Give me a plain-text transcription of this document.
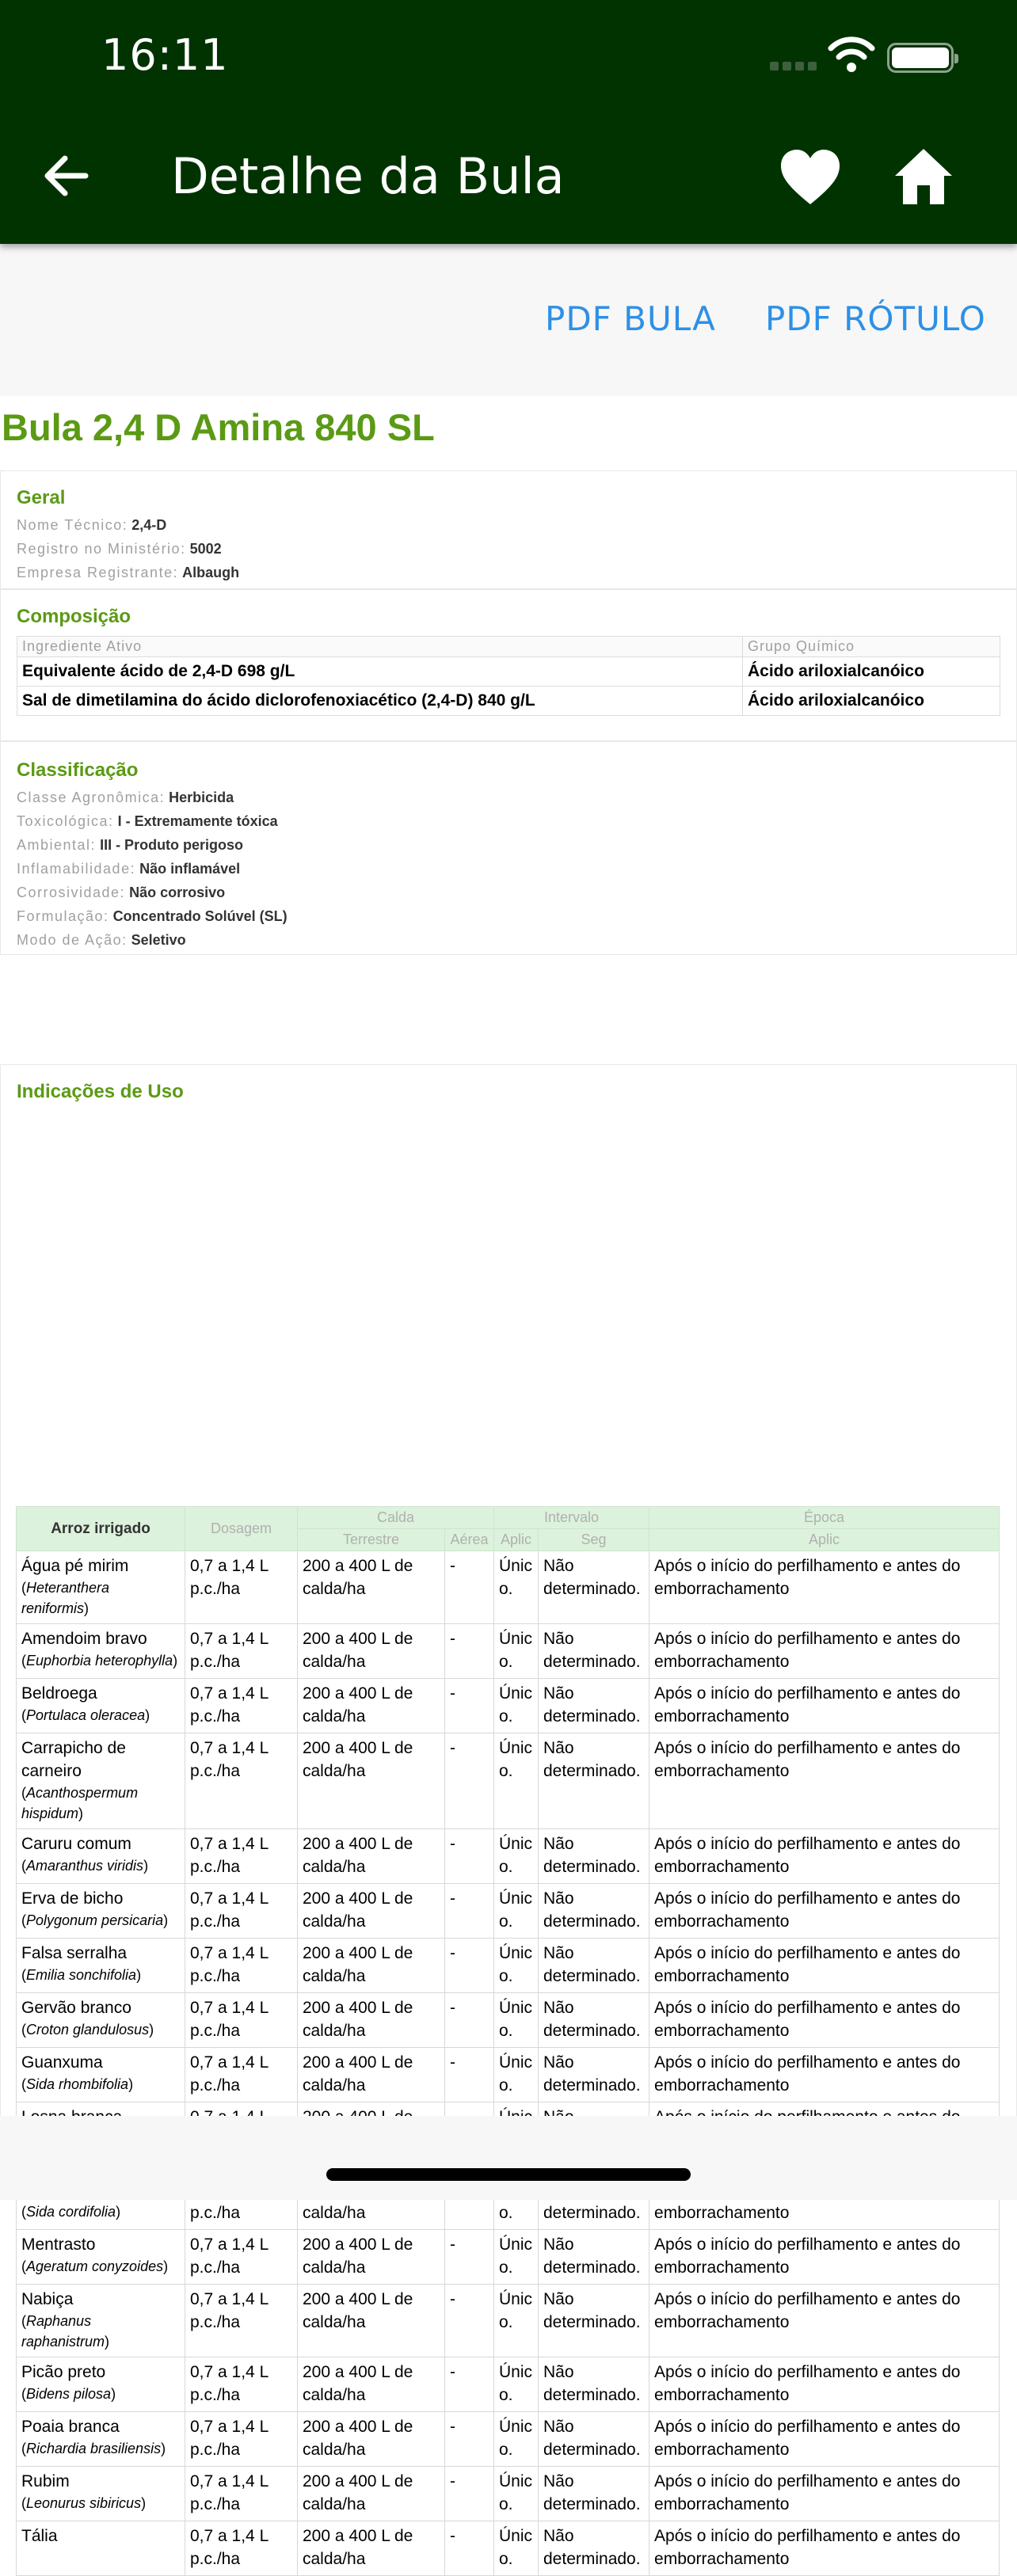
16:11
Detalhe da Bula
PDF BULA PDF RÓTULO
Bula 2,4 D Amina 840 SL
Geral
Nome Técnico: 2,4-D
Registro no Ministério: 5002
Empresa Registrante: Albaugh
Composição
Ingrediente Ativo	Grupo Químico
Equivalente ácido de 2,4-D 698 g/L	Ácido ariloxialcanóico
Sal de dimetilamina do ácido diclorofenoxiacético (2,4-D) 840 g/L	Ácido ariloxialcanóico
Classificação
Classe Agronômica: Herbicida
Toxicológica: I - Extremamente tóxica
Ambiental: III - Produto perigoso
Inflamabilidade: Não inflamável
Corrosividade: Não corrosivo
Formulação: Concentrado Solúvel (SL)
Modo de Ação: Seletivo
Indicações de Uso
Arroz irrigado	Dosagem	Calda		Intervalo		Época
		Terrestre	Aérea	Aplic	Seg	Aplic

Água pé mirim
(Heteranthera reniformis)	0,7 a 1,4 L p.c./ha	200 a 400 L de calda/ha	-	Único.	Não determinado.	Após o início do perfilhamento e antes do emborrachamento

Amendoim bravo
(Euphorbia heterophylla)	0,7 a 1,4 L p.c./ha	200 a 400 L de calda/ha	-	Único.	Não determinado.	Após o início do perfilhamento e antes do emborrachamento

Beldroega
(Portulaca oleracea)	0,7 a 1,4 L p.c./ha	200 a 400 L de calda/ha	-	Único.	Não determinado.	Após o início do perfilhamento e antes do emborrachamento

Carrapicho de carneiro
(Acanthospermum hispidum)	0,7 a 1,4 L p.c./ha	200 a 400 L de calda/ha	-	Único.	Não determinado.	Após o início do perfilhamento e antes do emborrachamento

Caruru comum
(Amaranthus viridis)	0,7 a 1,4 L p.c./ha	200 a 400 L de calda/ha	-	Único.	Não determinado.	Após o início do perfilhamento e antes do emborrachamento

Erva de bicho
(Polygonum persicaria)	0,7 a 1,4 L p.c./ha	200 a 400 L de calda/ha	-	Único.	Não determinado.	Após o início do perfilhamento e antes do emborrachamento

Falsa serralha
(Emilia sonchifolia)	0,7 a 1,4 L p.c./ha	200 a 400 L de calda/ha	-	Único.	Não determinado.	Após o início do perfilhamento e antes do emborrachamento

Gervão branco
(Croton glandulosus)	0,7 a 1,4 L p.c./ha	200 a 400 L de calda/ha	-	Único.	Não determinado.	Após o início do perfilhamento e antes do emborrachamento

Guanxuma
(Sida rhombifolia)	0,7 a 1,4 L p.c./ha	200 a 400 L de calda/ha	-	Único.	Não determinado.	Após o início do perfilhamento e antes do emborrachamento

(Sida cordifolia)	p.c./ha	calda/ha		o.	determinado.	emborrachamento

Mentrasto
(Ageratum conyzoides)	0,7 a 1,4 L p.c./ha	200 a 400 L de calda/ha	-	Único.	Não determinado.	Após o início do perfilhamento e antes do emborrachamento

Nabiça
(Raphanus raphanistrum)	0,7 a 1,4 L p.c./ha	200 a 400 L de calda/ha	-	Único.	Não determinado.	Após o início do perfilhamento e antes do emborrachamento

Picão preto
(Bidens pilosa)	0,7 a 1,4 L p.c./ha	200 a 400 L de calda/ha	-	Único.	Não determinado.	Após o início do perfilhamento e antes do emborrachamento

Poaia branca
(Richardia brasiliensis)	0,7 a 1,4 L p.c./ha	200 a 400 L de calda/ha	-	Único.	Não determinado.	Após o início do perfilhamento e antes do emborrachamento

Rubim
(Leonurus sibiricus)	0,7 a 1,4 L p.c./ha	200 a 400 L de calda/ha	-	Único.	Não determinado.	Após o início do perfilhamento e antes do emborrachamento

Tália	0,7 a 1,4 L p.c./ha	200 a 400 L de calda/ha	-	Único.	Não determinado.	Após o início do perfilhamento e antes do emborrachamento
